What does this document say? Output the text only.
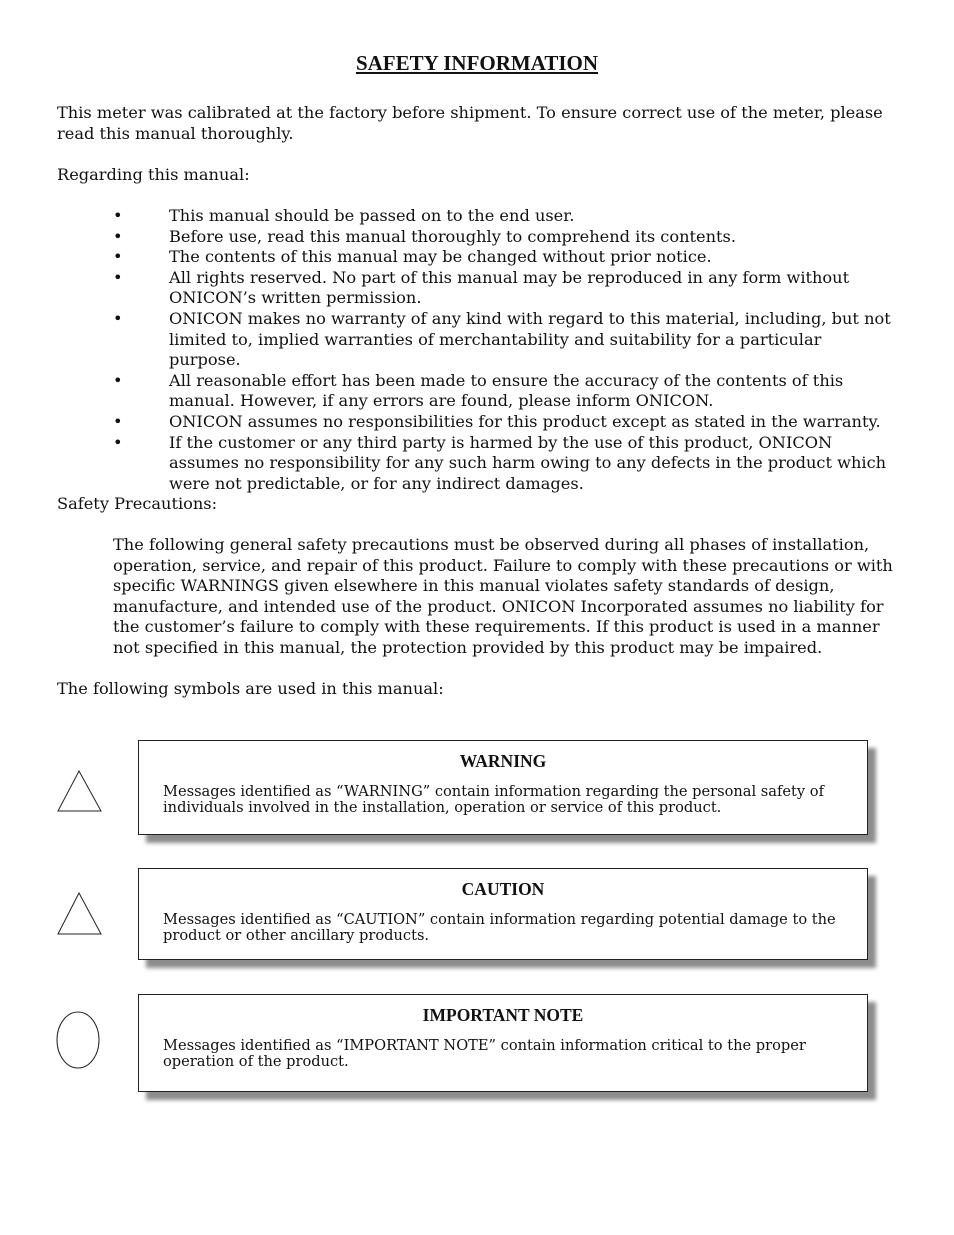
SAFETY INFORMATION
This meter was calibrated at the factory before shipment. To ensure correct use of the meter, please read this manual thoroughly.
Regarding this manual:
•	This manual should be passed on to the end user.
•	Before use, read this manual thoroughly to comprehend its contents.
•	The contents of this manual may be changed without prior notice.
•	All rights reserved. No part of this manual may be reproduced in any form without ONICON’s written permission.
•	ONICON makes no warranty of any kind with regard to this material, including, but not limited to, implied warranties of merchantability and suitability for a particular purpose.
•	All reasonable effort has been made to ensure the accuracy of the contents of this manual. However, if any errors are found, please inform ONICON.
•	ONICON assumes no responsibilities for this product except as stated in the warranty.
•	If the customer or any third party is harmed by the use of this product, ONICON assumes no responsibility for any such harm owing to any defects in the product which were not predictable, or for any indirect damages.
Safety Precautions:
The following general safety precautions must be observed during all phases of installation, operation, service, and repair of this product. Failure to comply with these precautions or with specific WARNINGS given elsewhere in this manual violates safety standards of design, manufacture, and intended use of the product. ONICON Incorporated assumes no liability for the customer’s failure to comply with these requirements. If this product is used in a manner not specified in this manual, the protection provided by this product may be impaired.
The following symbols are used in this manual:
WARNING
Messages identified as “WARNING” contain information regarding the personal safety of individuals involved in the installation, operation or service of this product.
CAUTION
Messages identified as “CAUTION” contain information regarding potential damage to the product or other ancillary products.
IMPORTANT NOTE
Messages identified as “IMPORTANT NOTE” contain information critical to the proper operation of the product.
